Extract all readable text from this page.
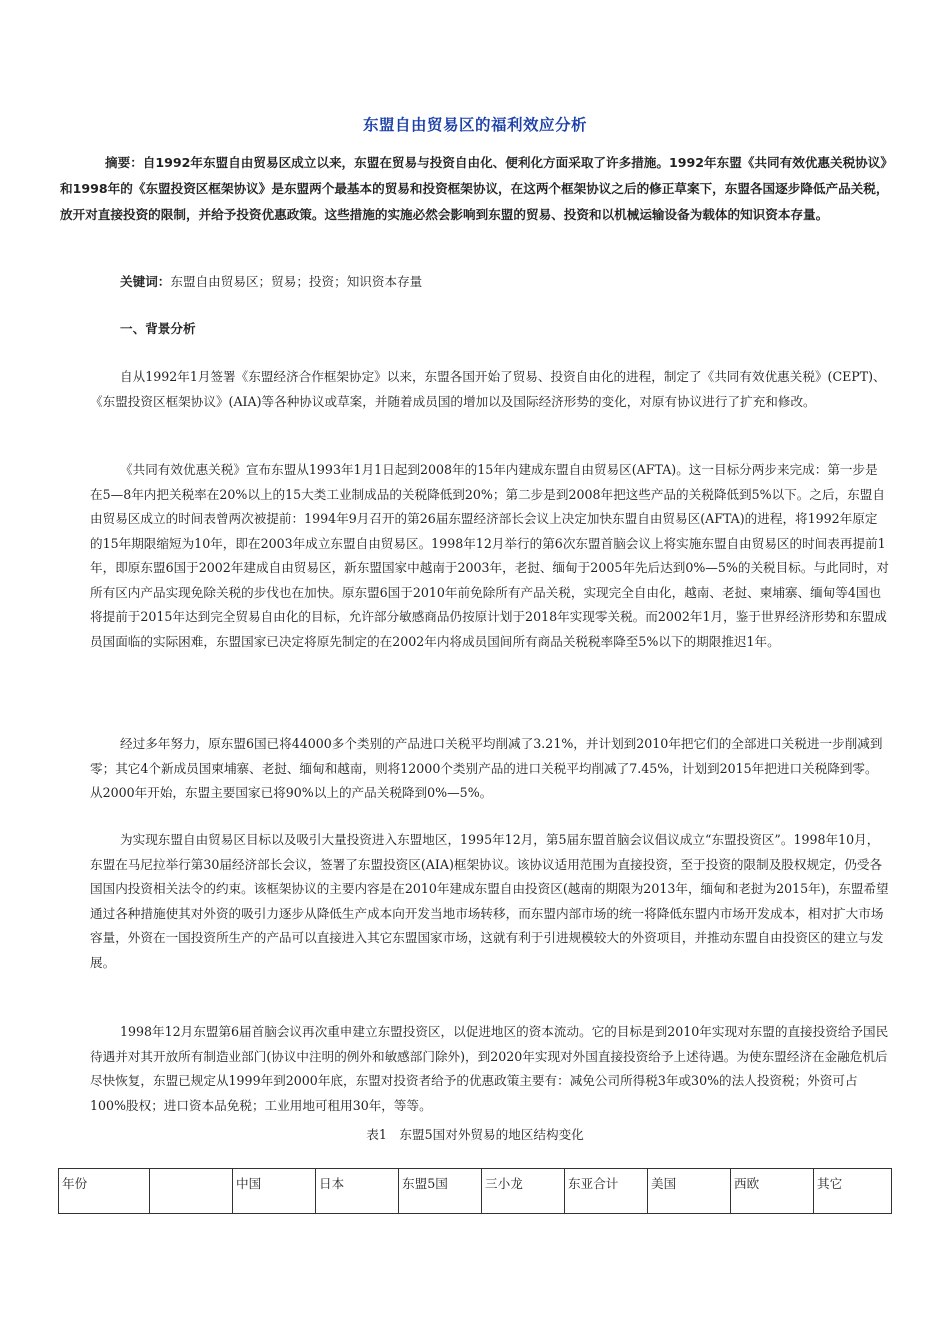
东盟自由贸易区的福利效应分析

摘要：自1992年东盟自由贸易区成立以来，东盟在贸易与投资自由化、便利化方面采取了许多措施。1992年东盟《共同有效优惠关税协议》和1998年的《东盟投资区框架协议》是东盟两个最基本的贸易和投资框架协议，在这两个框架协议之后的修正草案下，东盟各国逐步降低产品关税，放开对直接投资的限制，并给予投资优惠政策。这些措施的实施必然会影响到东盟的贸易、投资和以机械运输设备为载体的知识资本存量。

关键词：东盟自由贸易区；贸易；投资；知识资本存量

一、背景分析

自从1992年1月签署《东盟经济合作框架协定》以来，东盟各国开始了贸易、投资自由化的进程，制定了《共同有效优惠关税》(CEPT)、《东盟投资区框架协议》(AIA)等各种协议或草案，并随着成员国的增加以及国际经济形势的变化，对原有协议进行了扩充和修改。

《共同有效优惠关税》宣布东盟从1993年1月1日起到2008年的15年内建成东盟自由贸易区(AFTA)。这一目标分两步来完成：第一步是在5—8年内把关税率在20%以上的15大类工业制成品的关税降低到20%；第二步是到2008年把这些产品的关税降低到5%以下。之后，东盟自由贸易区成立的时间表曾两次被提前：1994年9月召开的第26届东盟经济部长会议上决定加快东盟自由贸易区(AFTA)的进程，将1992年原定的15年期限缩短为10年，即在2003年成立东盟自由贸易区。1998年12月举行的第6次东盟首脑会议上将实施东盟自由贸易区的时间表再提前1年，即原东盟6国于2002年建成自由贸易区，新东盟国家中越南于2003年，老挝、缅甸于2005年先后达到0%—5%的关税目标。与此同时，对所有区内产品实现免除关税的步伐也在加快。原东盟6国于2010年前免除所有产品关税，实现完全自由化，越南、老挝、柬埔寨、缅甸等4国也将提前于2015年达到完全贸易自由化的目标，允许部分敏感商品仍按原计划于2018年实现零关税。而2002年1月，鉴于世界经济形势和东盟成员国面临的实际困难，东盟国家已决定将原先制定的在2002年内将成员国间所有商品关税税率降至5%以下的期限推迟1年。

经过多年努力，原东盟6国已将44000多个类别的产品进口关税平均削减了3.21%，并计划到2010年把它们的全部进口关税进一步削减到零；其它4个新成员国柬埔寨、老挝、缅甸和越南，则将12000个类别产品的进口关税平均削减了7.45%，计划到2015年把进口关税降到零。从2000年开始，东盟主要国家已将90%以上的产品关税降到0%—5%。

为实现东盟自由贸易区目标以及吸引大量投资进入东盟地区，1995年12月，第5届东盟首脑会议倡议成立“东盟投资区”。1998年10月，东盟在马尼拉举行第30届经济部长会议，签署了东盟投资区(AIA)框架协议。该协议适用范围为直接投资，至于投资的限制及股权规定，仍受各国国内投资相关法令的约束。该框架协议的主要内容是在2010年建成东盟自由投资区(越南的期限为2013年，缅甸和老挝为2015年)，东盟希望通过各种措施使其对外资的吸引力逐步从降低生产成本向开发当地市场转移，而东盟内部市场的统一将降低东盟内市场开发成本，相对扩大市场容量，外资在一国投资所生产的产品可以直接进入其它东盟国家市场，这就有利于引进规模较大的外资项目，并推动东盟自由投资区的建立与发展。

1998年12月东盟第6届首脑会议再次重申建立东盟投资区，以促进地区的资本流动。它的目标是到2010年实现对东盟的直接投资给予国民待遇并对其开放所有制造业部门(协议中注明的例外和敏感部门除外)，到2020年实现对外国直接投资给予上述待遇。为使东盟经济在金融危机后尽快恢复，东盟已规定从1999年到2000年底，东盟对投资者给予的优惠政策主要有：减免公司所得税3年或30%的法人投资税；外资可占100%股权；进口资本品免税；工业用地可租用30年，等等。

表1　东盟5国对外贸易的地区结构变化

年份		中国	日本	东盟5国	三小龙	东亚合计	美国	西欧	其它
